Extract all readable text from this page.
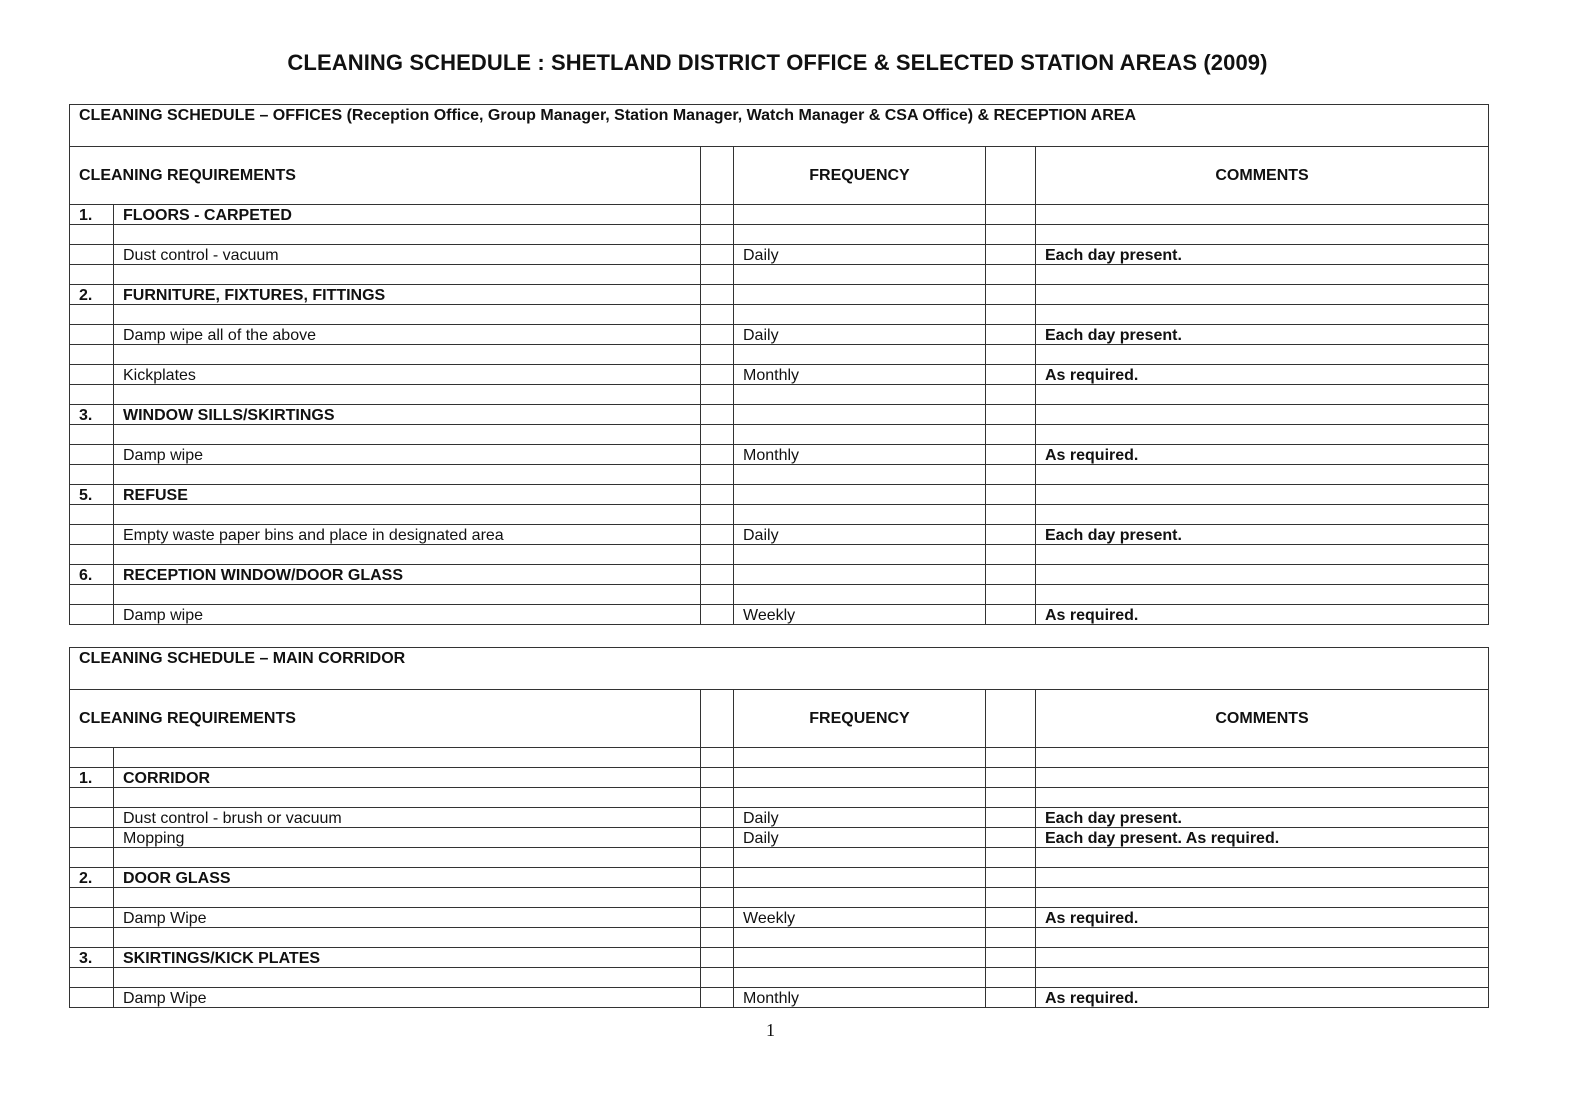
CLEANING SCHEDULE : SHETLAND DISTRICT OFFICE & SELECTED STATION AREAS (2009)
CLEANING SCHEDULE – OFFICES (Reception Office, Group Manager, Station Manager, Watch Manager & CSA Office) & RECEPTION AREA					
CLEANING REQUIREMENTS			FREQUENCY		COMMENTS
1.	FLOORS - CARPETED				

	Dust control - vacuum		Daily		Each day present.

2.	FURNITURE, FIXTURES, FITTINGS				

	Damp wipe all of the above		Daily		Each day present.

	Kickplates		Monthly		As required.

3.	WINDOW SILLS/SKIRTINGS				

	Damp wipe		Monthly		As required.

5.	REFUSE				

	Empty waste paper bins and place in designated area		Daily		Each day present.

6.	RECEPTION WINDOW/DOOR GLASS				

	Damp wipe		Weekly		As required.
CLEANING SCHEDULE – MAIN CORRIDOR					
CLEANING REQUIREMENTS			FREQUENCY		COMMENTS

1.	CORRIDOR				

	Dust control - brush or vacuum		Daily		Each day present.
	Mopping		Daily		Each day present. As required.

2.	DOOR GLASS				

	Damp Wipe		Weekly		As required.

3.	SKIRTINGS/KICK PLATES				

	Damp Wipe		Monthly		As required.
1
